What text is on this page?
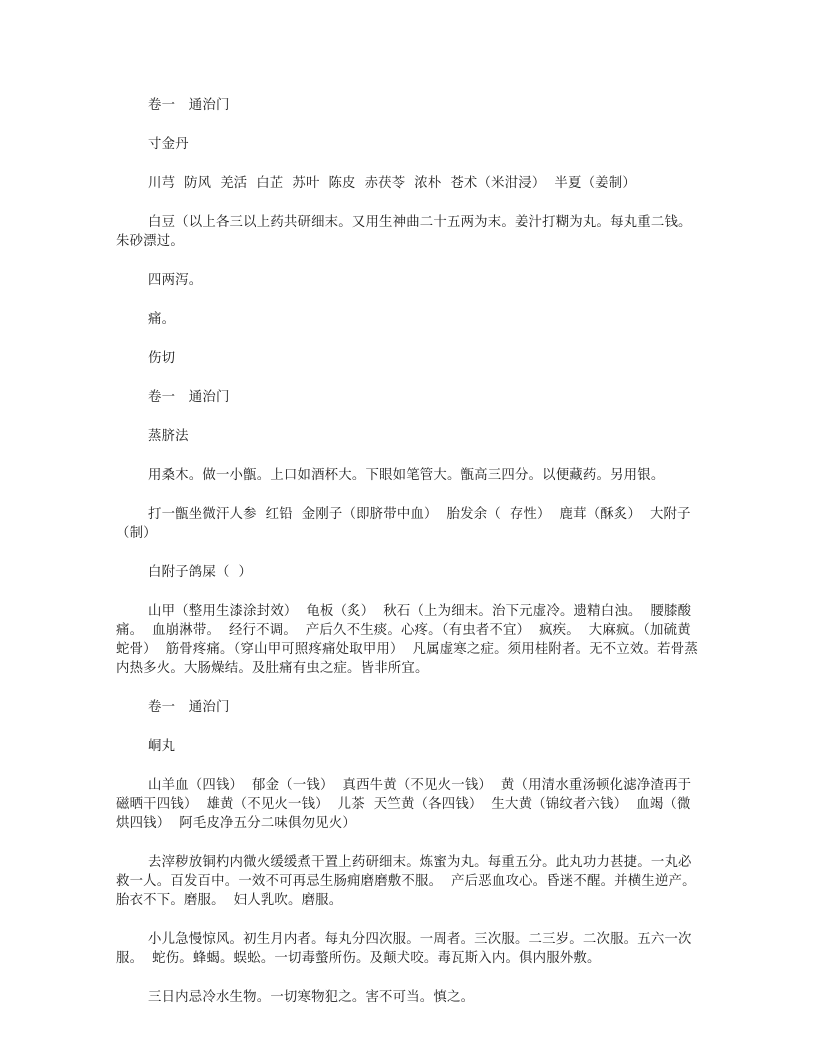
卷一　通治门

寸金丹

川芎  防风  羌活  白芷  苏叶  陈皮  赤茯苓  浓朴  苍术（米泔浸）  半夏（姜制）

白豆（以上各三以上药共研细末。又用生神曲二十五两为末。姜汁打糊为丸。每丸重二钱。朱砂漂过。

四两泻。

痛。

伤切

卷一　通治门

蒸脐法

用桑木。做一小甑。上口如酒杯大。下眼如笔管大。甑高三四分。以便藏药。另用银。

打一甑坐微汗人参  红铅  金刚子（即脐带中血）  胎发余（  存性）  鹿茸（酥炙）  大附子（制）

白附子鸽屎（  ）

山甲（整用生漆涂封效）  龟板（炙）  秋石（上为细末。治下元虚冷。遗精白浊。  腰膝酸痛。  血崩淋带。  经行不调。  产后久不生痰。心疼。（有虫者不宜）  疯疾。  大麻疯。（加硫黄蛇骨）  筋骨疼痛。（穿山甲可照疼痛处取甲用）  凡属虚寒之症。须用桂附者。无不立效。若骨蒸内热多火。大肠燥结。及肚痛有虫之症。皆非所宜。

卷一　通治门

峒丸

山羊血（四钱）  郁金（一钱）  真西牛黄（不见火一钱）  黄（用清水重汤顿化滤净渣再于磁晒干四钱）  雄黄（不见火一钱）  儿茶  天竺黄（各四钱）  生大黄（锦纹者六钱）  血竭（微烘四钱）  阿毛皮净五分二味俱勿见火）

去滓秽放铜杓内微火缓缓煮干置上药研细末。炼蜜为丸。每重五分。此丸功力甚捷。一丸必救一人。百发百中。一效不可再忌生肠痈磨磨敷不服。  产后恶血攻心。昏迷不醒。并横生逆产。胎衣不下。磨服。  妇人乳吹。磨服。

小儿急慢惊风。初生月内者。每丸分四次服。一周者。三次服。二三岁。二次服。五六一次服。  蛇伤。蜂蝎。蜈蚣。一切毒螫所伤。及颠犬咬。毒瓦斯入内。俱内服外敷。

三日内忌冷水生物。一切寒物犯之。害不可当。慎之。
